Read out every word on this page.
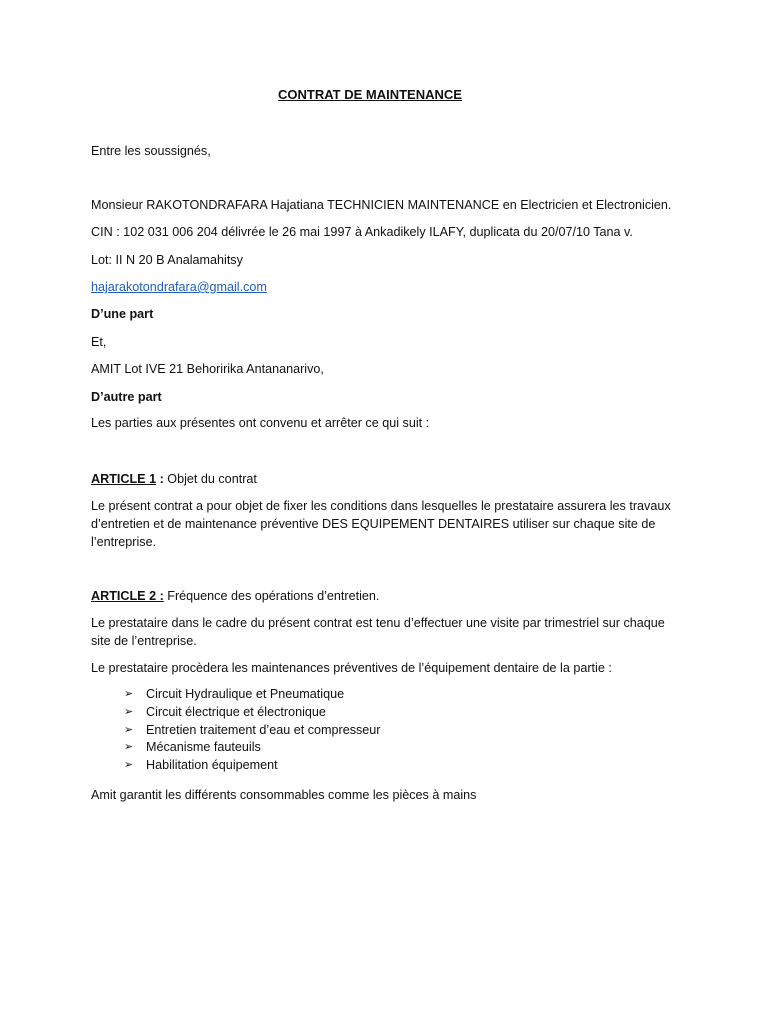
CONTRAT DE MAINTENANCE
Entre les soussignés,
Monsieur RAKOTONDRAFARA Hajatiana TECHNICIEN MAINTENANCE en Electricien et Electronicien.
CIN : 102 031 006 204 délivrée le 26 mai 1997 à Ankadikely ILAFY, duplicata du 20/07/10 Tana v.
Lot: II N 20 B Analamahitsy
hajarakotondrafara@gmail.com
D’une part
Et,
AMIT Lot IVE 21 Behoririka Antananarivo,
D’autre part
Les parties aux présentes ont convenu et arrêter ce qui suit :
ARTICLE 1 : Objet du contrat
Le présent contrat a pour objet de fixer les conditions dans lesquelles le prestataire assurera les travaux d’entretien et de maintenance préventive DES EQUIPEMENT DENTAIRES utiliser sur chaque site de l’entreprise.
ARTICLE 2 : Fréquence des opérations d’entretien.
Le prestataire dans le cadre du présent contrat est tenu d’effectuer une visite par trimestriel sur chaque site de l’entreprise.
Le prestataire procèdera les maintenances préventives de l’équipement dentaire de la partie :
➢	Circuit Hydraulique et Pneumatique
➢	Circuit électrique et électronique
➢	Entretien traitement d’eau et compresseur
➢	Mécanisme fauteuils
➢	Habilitation équipement
Amit garantit les différents consommables comme les pièces à mains
